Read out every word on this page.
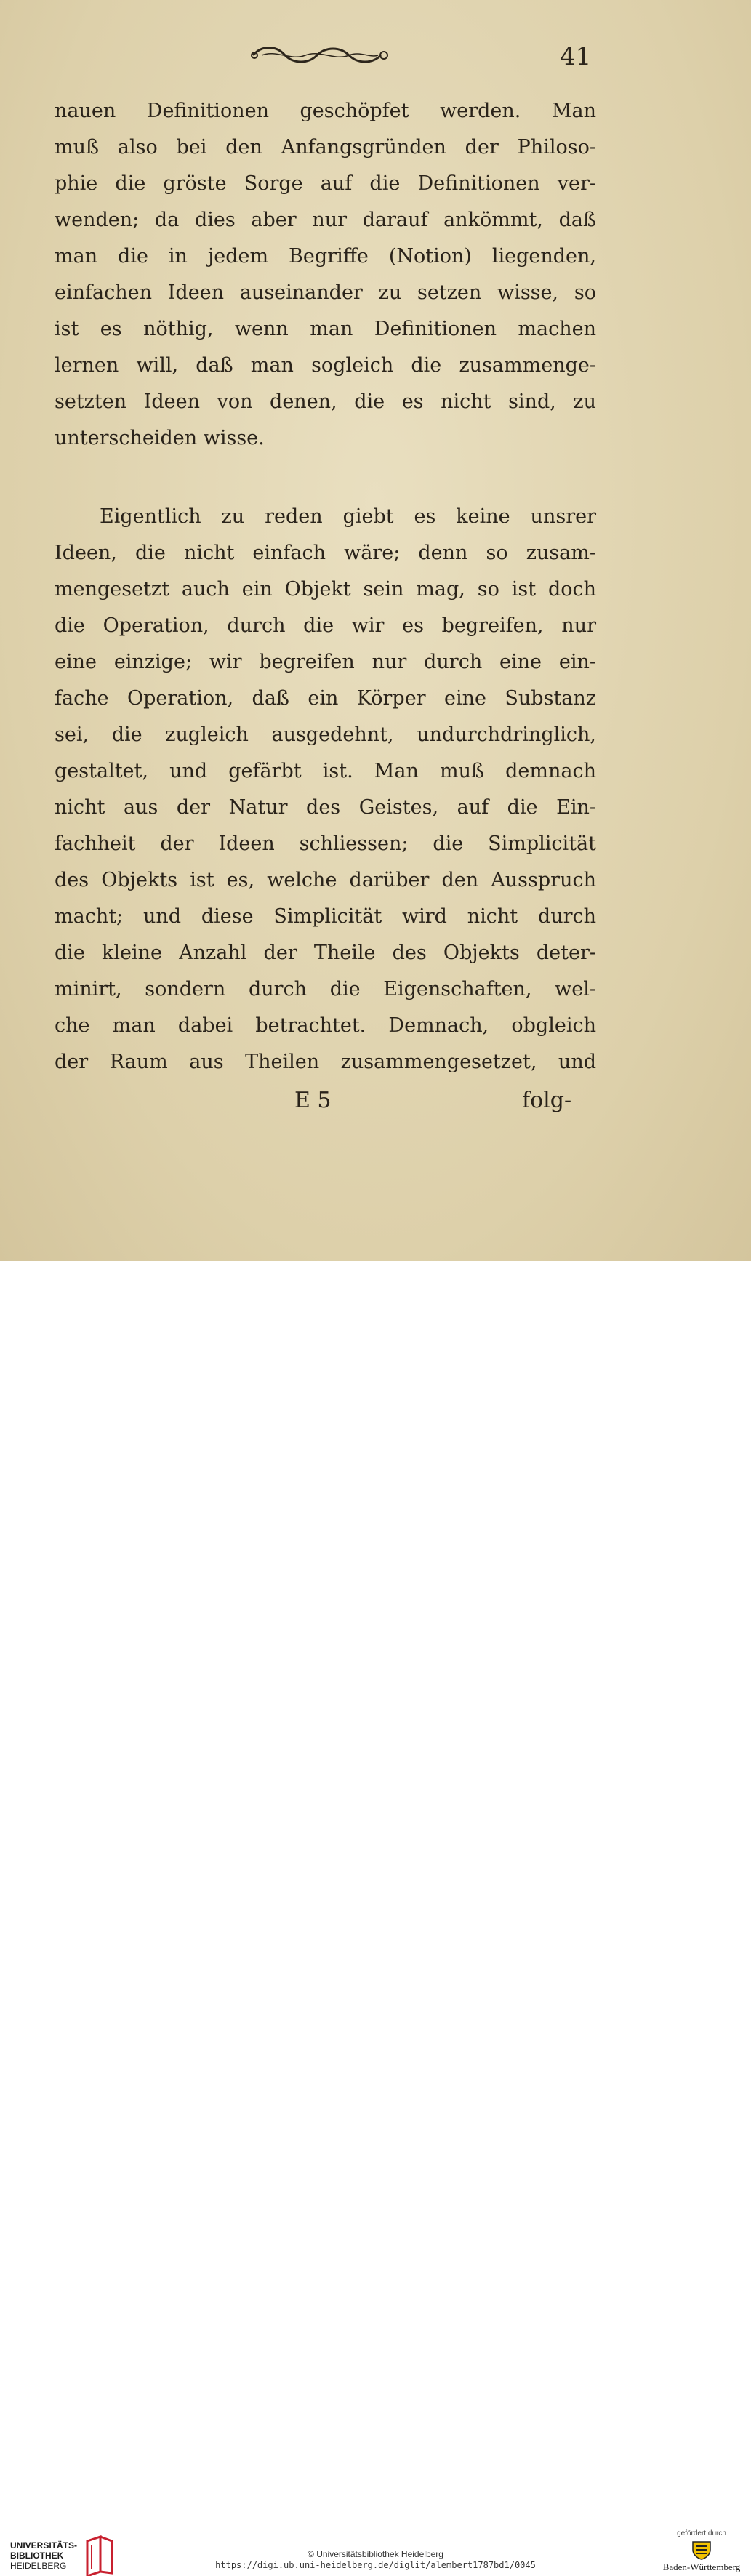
41
nauen Definitionen geschöpfet werden. Man
muß also bei den Anfangsgründen der Philoso-
phie die gröste Sorge auf die Definitionen ver-
wenden; da dies aber nur darauf ankömmt, daß
man die in jedem Begriffe (Notion) liegenden,
einfachen Ideen auseinander zu setzen wisse, so
ist es nöthig, wenn man Definitionen machen
lernen will, daß man sogleich die zusammenge-
setzten Ideen von denen, die es nicht sind, zu
unterscheiden wisse.
Eigentlich zu reden giebt es keine unsrer
Ideen, die nicht einfach wäre; denn so zusam-
mengesetzt auch ein Objekt sein mag, so ist doch
die Operation, durch die wir es begreifen, nur
eine einzige; wir begreifen nur durch eine ein-
fache Operation, daß ein Körper eine Substanz
sei, die zugleich ausgedehnt, undurchdringlich,
gestaltet, und gefärbt ist. Man muß demnach
nicht aus der Natur des Geistes, auf die Ein-
fachheit der Ideen schliessen; die Simplicität
des Objekts ist es, welche darüber den Ausspruch
macht; und diese Simplicität wird nicht durch
die kleine Anzahl der Theile des Objekts deter-
minirt, sondern durch die Eigenschaften, wel-
che man dabei betrachtet. Demnach, obgleich
der Raum aus Theilen zusammengesetzet, und
E 5	folg-
UNIVERSITÄTS-
BIBLIOTHEK
HEIDELBERG
© Universitätsbibliothek Heidelberg
https://digi.ub.uni-heidelberg.de/diglit/alembert1787bd1/0045
gefördert durch
Baden-Württemberg
